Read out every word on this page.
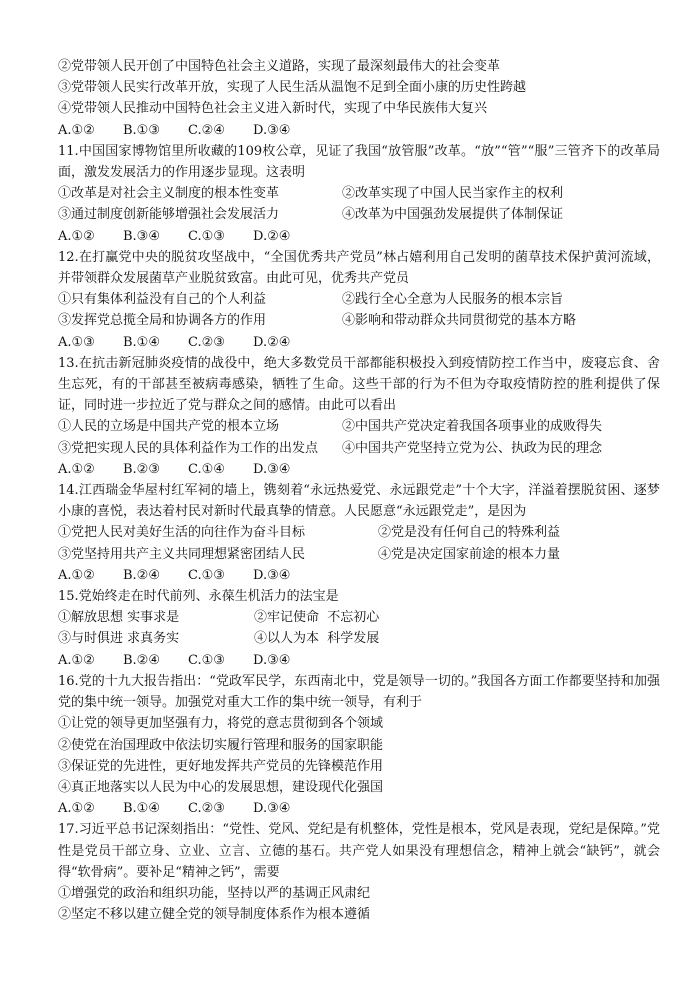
②党带领人民开创了中国特色社会主义道路，实现了最深刻最伟大的社会变革
③党带领人民实行改革开放，实现了人民生活从温饱不足到全面小康的历史性跨越
④党带领人民推动中国特色社会主义进入新时代，实现了中华民族伟大复兴
A.①②	B.①③	C.②④	D.③④
11.中国国家博物馆里所收藏的109枚公章，见证了我国“放管服”改革。“放”“管”“服”三管齐下的改革局面，激发发展活力的作用逐步显现。这表明
①改革是对社会主义制度的根本性变革	②改革实现了中国人民当家作主的权利
③通过制度创新能够增强社会发展活力	④改革为中国强劲发展提供了体制保证
A.①②	B.③④	C.①③	D.②④
12.在打赢党中央的脱贫攻坚战中，“全国优秀共产党员”林占嬉利用自己发明的菌草技术保护黄河流域，并带领群众发展菌草产业脱贫致富。由此可见，优秀共产党员
①只有集体利益没有自己的个人利益	②践行全心全意为人民服务的根本宗旨
③发挥党总揽全局和协调各方的作用	④影响和带动群众共同贯彻党的基本方略
A.①③	B.①④	C.②③	D.②④
13.在抗击新冠肺炎疫情的战役中，绝大多数党员干部都能积极投入到疫情防控工作当中，废寝忘食、舍生忘死，有的干部甚至被病毒感染，牺牲了生命。这些干部的行为不但为夺取疫情防控的胜利提供了保证，同时进一步拉近了党与群众之间的感情。由此可以看出
①人民的立场是中国共产党的根本立场	②中国共产党决定着我国各项事业的成败得失
③党把实现人民的具体利益作为工作的出发点	④中国共产党坚持立党为公、执政为民的理念
A.①②	B.②③	C.①④	D.③④
14.江西瑞金华屋村红军祠的墙上，镌刻着“永远热爱党、永远跟党走”十个大字，洋溢着摆脱贫困、逐梦小康的喜悦，表达着村民对新时代最真挚的情意。人民愿意“永远跟党走”，是因为
①党把人民对美好生活的向往作为奋斗目标	②党是没有任何自己的特殊利益
③党坚持用共产主义共同理想紧密团结人民	④党是决定国家前途的根本力量
A.①②	B.②④	C.①③	D.③④
15.党始终走在时代前列、永葆生机活力的法宝是
①解放思想 实事求是	②牢记使命  不忘初心
③与时俱进 求真务实	④以人为本  科学发展
A.①②	B.②④	C.①③	D.③④
16.党的十九大报告指出：“党政军民学，东西南北中，党是领导一切的。”我国各方面工作都要坚持和加强党的集中统一领导。加强党对重大工作的集中统一领导，有利于
①让党的领导更加坚强有力，将党的意志贯彻到各个领域
②使党在治国理政中依法切实履行管理和服务的国家职能
③保证党的先进性，更好地发挥共产党员的先锋模范作用
④真正地落实以人民为中心的发展思想，建设现代化强国
A.①②	B.①④	C.②③	D.③④
17.习近平总书记深刻指出：“党性、党风、党纪是有机整体，党性是根本，党风是表现，党纪是保障。”党性是党员干部立身、立业、立言、立德的基石。共产党人如果没有理想信念，精神上就会“缺钙”，就会得“软骨病”。要补足“精神之钙”，需要
①增强党的政治和组织功能，坚持以严的基调正风肃纪
②坚定不移以建立健全党的领导制度体系作为根本遵循
